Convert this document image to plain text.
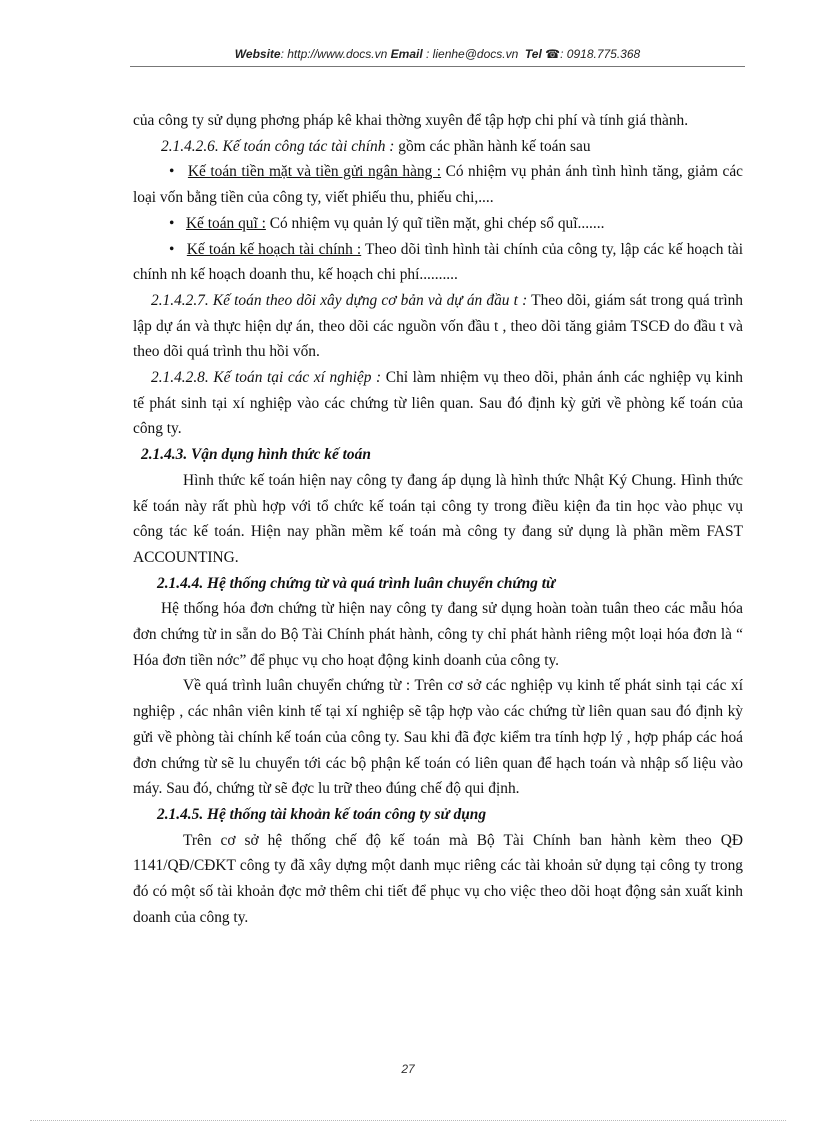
Website: http://www.docs.vn Email : lienhe@docs.vn Tel ☎: 0918.775.368

của công ty sử dụng phơng pháp kê khai thờng xuyên để tập hợp chi phí và tính giá thành.

2.1.4.2.6. Kế toán công tác tài chính : gồm các phần hành kế toán sau

• Kế toán tiền mặt và tiền gửi ngân hàng : Có nhiệm vụ phản ánh tình hình tăng, giảm các loại vốn bằng tiền của công ty, viết phiếu thu, phiếu chi,....

• Kế toán quĩ : Có nhiệm vụ quản lý quĩ tiền mặt, ghi chép sổ quĩ.......

• Kế toán kế hoạch tài chính : Theo dõi tình hình tài chính của công ty, lập các kế hoạch tài chính nh kế hoạch doanh thu, kế hoạch chi phí..........

2.1.4.2.7. Kế toán theo dõi xây dựng cơ bản và dự án đầu t : Theo dõi, giám sát trong quá trình lập dự án và thực hiện dự án, theo dõi các nguồn vốn đầu t , theo dõi tăng giảm TSCĐ do đầu t và theo dõi quá trình thu hồi vốn.

2.1.4.2.8. Kế toán tại các xí nghiệp : Chỉ làm nhiệm vụ theo dõi, phản ánh các nghiệp vụ kinh tế phát sinh tại xí nghiệp vào các chứng từ liên quan. Sau đó định kỳ gửi về phòng kế toán của công ty.

2.1.4.3. Vận dụng hình thức kế toán

Hình thức kế toán hiện nay công ty đang áp dụng là hình thức Nhật Ký Chung. Hình thức kế toán này rất phù hợp với tổ chức kế toán tại công ty trong điều kiện đa tin học vào phục vụ công tác kế toán. Hiện nay phần mềm kế toán mà công ty đang sử dụng là phần mềm FAST ACCOUNTING.

2.1.4.4. Hệ thống chứng từ và quá trình luân chuyển chứng từ

Hệ thống hóa đơn chứng từ hiện nay công ty đang sử dụng hoàn toàn tuân theo các mẫu hóa đơn chứng từ in sẵn do Bộ Tài Chính phát hành, công ty chỉ phát hành riêng một loại hóa đơn là “ Hóa đơn tiền nớc” để phục vụ cho hoạt động kinh doanh của công ty.

Về quá trình luân chuyển chứng từ : Trên cơ sở các nghiệp vụ kinh tế phát sinh tại các xí nghiệp , các nhân viên kinh tế tại xí nghiệp sẽ tập hợp vào các chứng từ liên quan sau đó định kỳ gửi về phòng tài chính kế toán của công ty. Sau khi đã đợc kiểm tra tính hợp lý , hợp pháp các hoá đơn chứng từ sẽ lu chuyển tới các bộ phận kế toán có liên quan để hạch toán và nhập số liệu vào máy. Sau đó, chứng từ sẽ đợc lu trữ theo đúng chế độ qui định.

2.1.4.5. Hệ thống tài khoản kế toán công ty sử dụng

Trên cơ sở hệ thống chế độ kế toán mà Bộ Tài Chính ban hành kèm theo QĐ 1141/QĐ/CĐKT công ty đã xây dựng một danh mục riêng các tài khoản sử dụng tại công ty trong đó có một số tài khoản đợc mở thêm chi tiết để phục vụ cho việc theo dõi hoạt động sản xuất kinh doanh của công ty.

27
